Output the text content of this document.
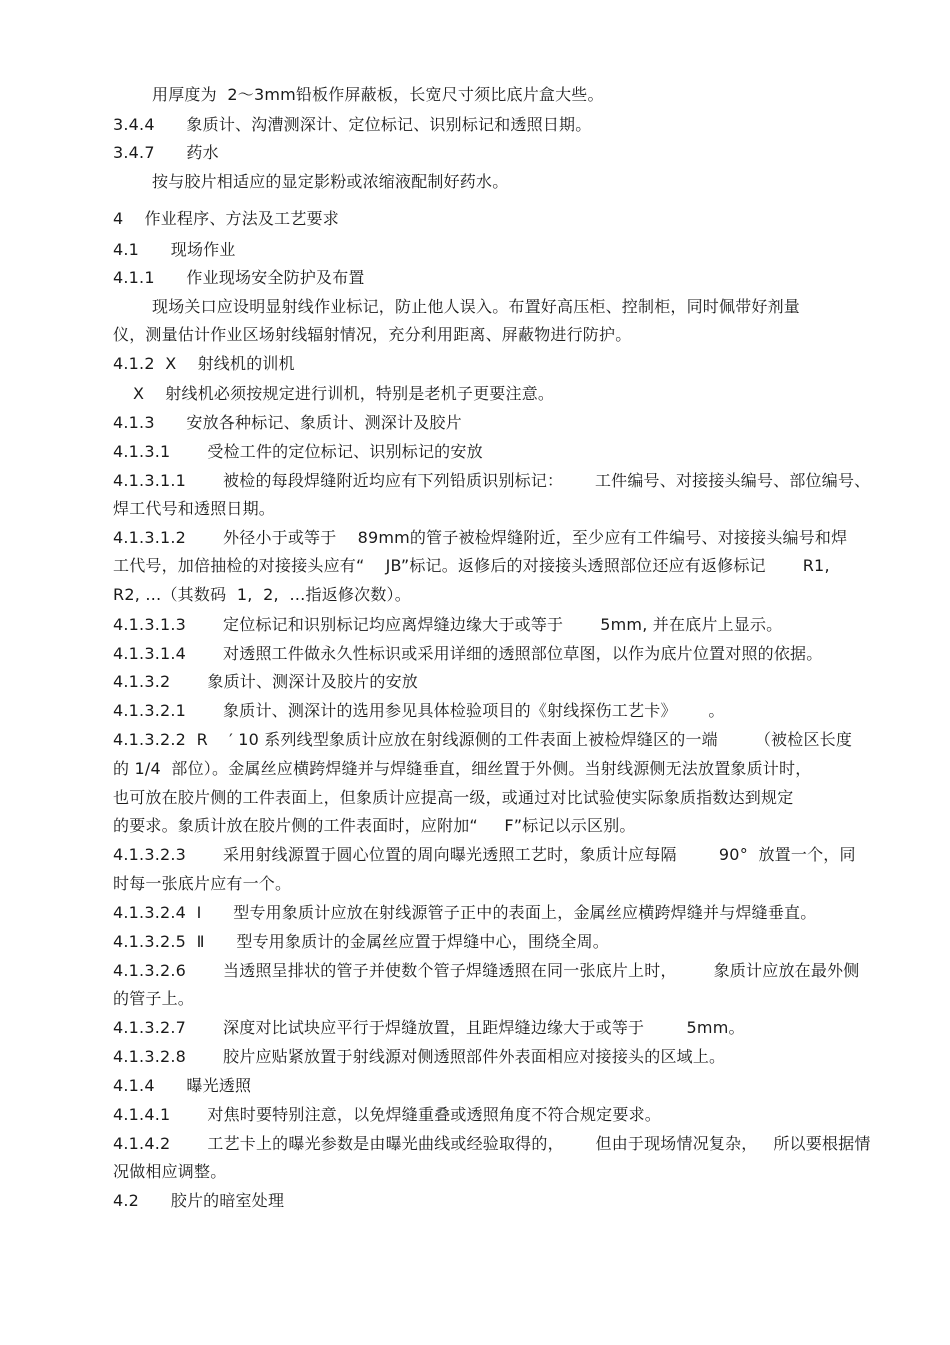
用厚度为  2～3mm铅板作屏蔽板，长宽尺寸须比底片盒大些。
3.4.4      象质计、沟漕测深计、定位标记、识别标记和透照日期。
3.4.7      药水
按与胶片相适应的显定影粉或浓缩液配制好药水。
4    作业程序、方法及工艺要求
4.1      现场作业
4.1.1      作业现场安全防护及布置
现场关口应设明显射线作业标记，防止他人误入。布置好高压柜、控制柜，同时佩带好剂量
仪，测量估计作业区场射线辐射情况，充分利用距离、屏蔽物进行防护。
4.1.2  X    射线机的训机
X    射线机必须按规定进行训机，特别是老机子更要注意。
4.1.3      安放各种标记、象质计、测深计及胶片
4.1.3.1       受检工件的定位标记、识别标记的安放
4.1.3.1.1       被检的每段焊缝附近均应有下列铅质识别标记：      工件编号、对接接头编号、部位编号、
焊工代号和透照日期。
4.1.3.1.2       外径小于或等于    89mm的管子被检焊缝附近，至少应有工件编号、对接接头编号和焊
工代号，加倍抽检的对接接头应有“    JB”标记。返修后的对接接头透照部位还应有返修标记       R1,
R2, …（其数码  1,  2,  …指返修次数）。
4.1.3.1.3       定位标记和识别标记均应离焊缝边缘大于或等于       5mm, 并在底片上显示。
4.1.3.1.4       对透照工件做永久性标识或采用详细的透照部位草图，以作为底片位置对照的依据。
4.1.3.2       象质计、测深计及胶片的安放
4.1.3.2.1       象质计、测深计的选用参见具体检验项目的《射线探伤工艺卡》      。
4.1.3.2.2  R    ′ 10 系列线型象质计应放在射线源侧的工件表面上被检焊缝区的一端       （被检区长度
的 1/4  部位）。金属丝应横跨焊缝并与焊缝垂直，细丝置于外侧。当射线源侧无法放置象质计时，
也可放在胶片侧的工件表面上，但象质计应提高一级，或通过对比试验使实际象质指数达到规定
的要求。象质计放在胶片侧的工件表面时，应附加“     F”标记以示区别。
4.1.3.2.3       采用射线源置于圆心位置的周向曝光透照工艺时，象质计应每隔        90°  放置一个，同
时每一张底片应有一个。
4.1.3.2.4  Ⅰ      型专用象质计应放在射线源管子正中的表面上，金属丝应横跨焊缝并与焊缝垂直。
4.1.3.2.5  Ⅱ      型专用象质计的金属丝应置于焊缝中心，围绕全周。
4.1.3.2.6       当透照呈排状的管子并使数个管子焊缝透照在同一张底片上时，       象质计应放在最外侧
的管子上。
4.1.3.2.7       深度对比试块应平行于焊缝放置，且距焊缝边缘大于或等于        5mm。
4.1.3.2.8       胶片应贴紧放置于射线源对侧透照部件外表面相应对接接头的区域上。
4.1.4      曝光透照
4.1.4.1       对焦时要特别注意，以免焊缝重叠或透照角度不符合规定要求。
4.1.4.2       工艺卡上的曝光参数是由曝光曲线或经验取得的，      但由于现场情况复杂，   所以要根据情
况做相应调整。
4.2      胶片的暗室处理
